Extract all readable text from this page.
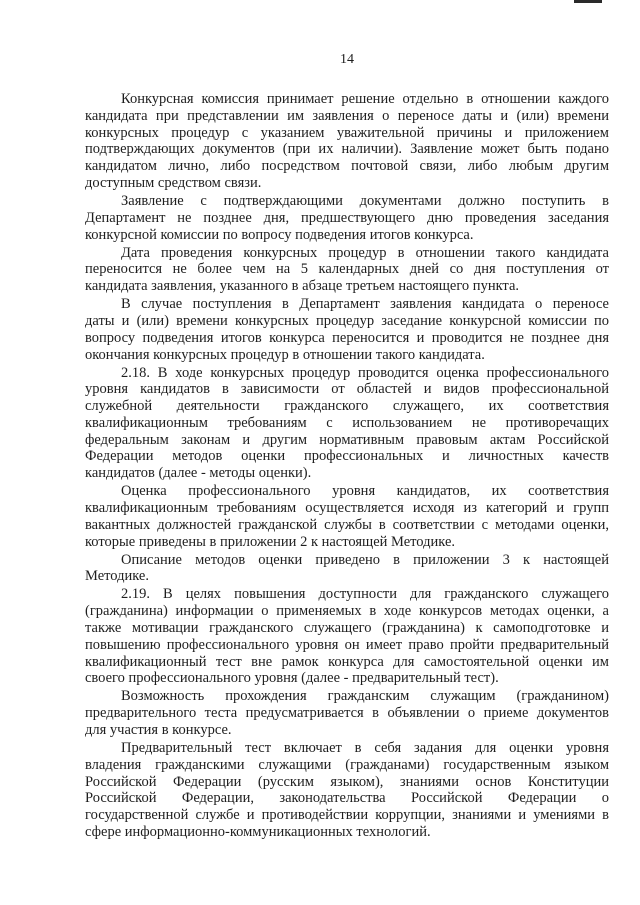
14
Конкурсная комиссия принимает решение отдельно в отношении каждого
кандидата при представлении им заявления о переносе даты и (или) времени
конкурсных процедур с указанием уважительной причины и приложением
подтверждающих документов (при их наличии). Заявление может быть подано
кандидатом лично, либо посредством почтовой связи, либо любым другим
доступным средством связи.
Заявление с подтверждающими документами должно поступить в
Департамент не позднее дня, предшествующего дню проведения заседания
конкурсной комиссии по вопросу подведения итогов конкурса.
Дата проведения конкурсных процедур в отношении такого кандидата
переносится не более чем на 5 календарных дней со дня поступления от
кандидата заявления, указанного в абзаце третьем настоящего пункта.
В случае поступления в Департамент заявления кандидата о переносе
даты и (или) времени конкурсных процедур заседание конкурсной комиссии по
вопросу подведения итогов конкурса переносится и проводится не позднее дня
окончания конкурсных процедур в отношении такого кандидата.
2.18. В ходе конкурсных процедур проводится оценка профессионального
уровня кандидатов в зависимости от областей и видов профессиональной
служебной деятельности гражданского служащего, их соответствия
квалификационным требованиям с использованием не противоречащих
федеральным законам и другим нормативным правовым актам Российской
Федерации методов оценки профессиональных и личностных качеств
кандидатов (далее - методы оценки).
Оценка профессионального уровня кандидатов, их соответствия
квалификационным требованиям осуществляется исходя из категорий и групп
вакантных должностей гражданской службы в соответствии с методами оценки,
которые приведены в приложении 2 к настоящей Методике.
Описание методов оценки приведено в приложении 3 к настоящей
Методике.
2.19. В целях повышения доступности для гражданского служащего
(гражданина) информации о применяемых в ходе конкурсов методах оценки, а
также мотивации гражданского служащего (гражданина) к самоподготовке и
повышению профессионального уровня он имеет право пройти предварительный
квалификационный тест вне рамок конкурса для самостоятельной оценки им
своего профессионального уровня (далее - предварительный тест).
Возможность прохождения гражданским служащим (гражданином)
предварительного теста предусматривается в объявлении о приеме документов
для участия в конкурсе.
Предварительный тест включает в себя задания для оценки уровня
владения гражданскими служащими (гражданами) государственным языком
Российской Федерации (русским языком), знаниями основ Конституции
Российской Федерации, законодательства Российской Федерации о
государственной службе и противодействии коррупции, знаниями и умениями в
сфере информационно-коммуникационных технологий.
